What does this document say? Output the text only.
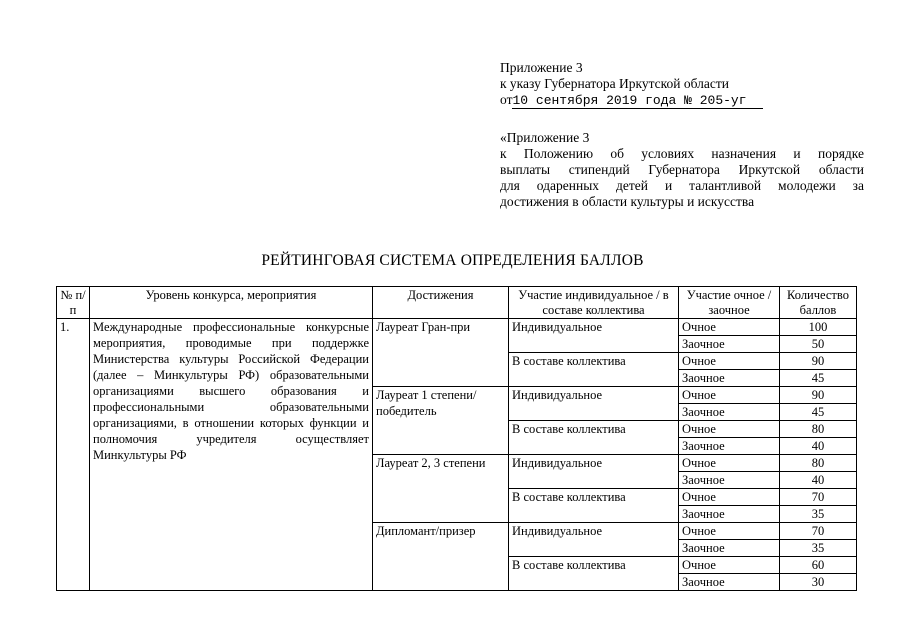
Приложение 3
к указу Губернатора Иркутской области
от10 сентября 2019 года № 205-уг
«Приложение 3
к Положению об условиях назначения и порядке
выплаты стипендий Губернатора Иркутской области
для одаренных детей и талантливой молодежи за
достижения в области культуры и искусства
РЕЙТИНГОВАЯ СИСТЕМА ОПРЕДЕЛЕНИЯ БАЛЛОВ
№ п/п	Уровень конкурса, мероприятия	Достижения	Участие индивидуальное / в составе коллектива	Участие очное / заочное	Количество баллов
1.	Международные профессиональные конкурсные мероприятия, проводимые при поддержке Министерства культуры Российской Федерации (далее – Минкультуры РФ) образовательными организациями высшего образования и профессиональными образовательными организациями, в отношении которых функции и полномочия учредителя осуществляет Минкультуры РФ	Лауреат Гран-при	Индивидуальное	Очное	100
				Заочное	50
			В составе коллектива	Очное	90
				Заочное	45
		Лауреат 1 степени/ победитель	Индивидуальное	Очное	90
				Заочное	45
			В составе коллектива	Очное	80
				Заочное	40
		Лауреат 2, 3 степени	Индивидуальное	Очное	80
				Заочное	40
			В составе коллектива	Очное	70
				Заочное	35
		Дипломант/призер	Индивидуальное	Очное	70
				Заочное	35
			В составе коллектива	Очное	60
				Заочное	30
